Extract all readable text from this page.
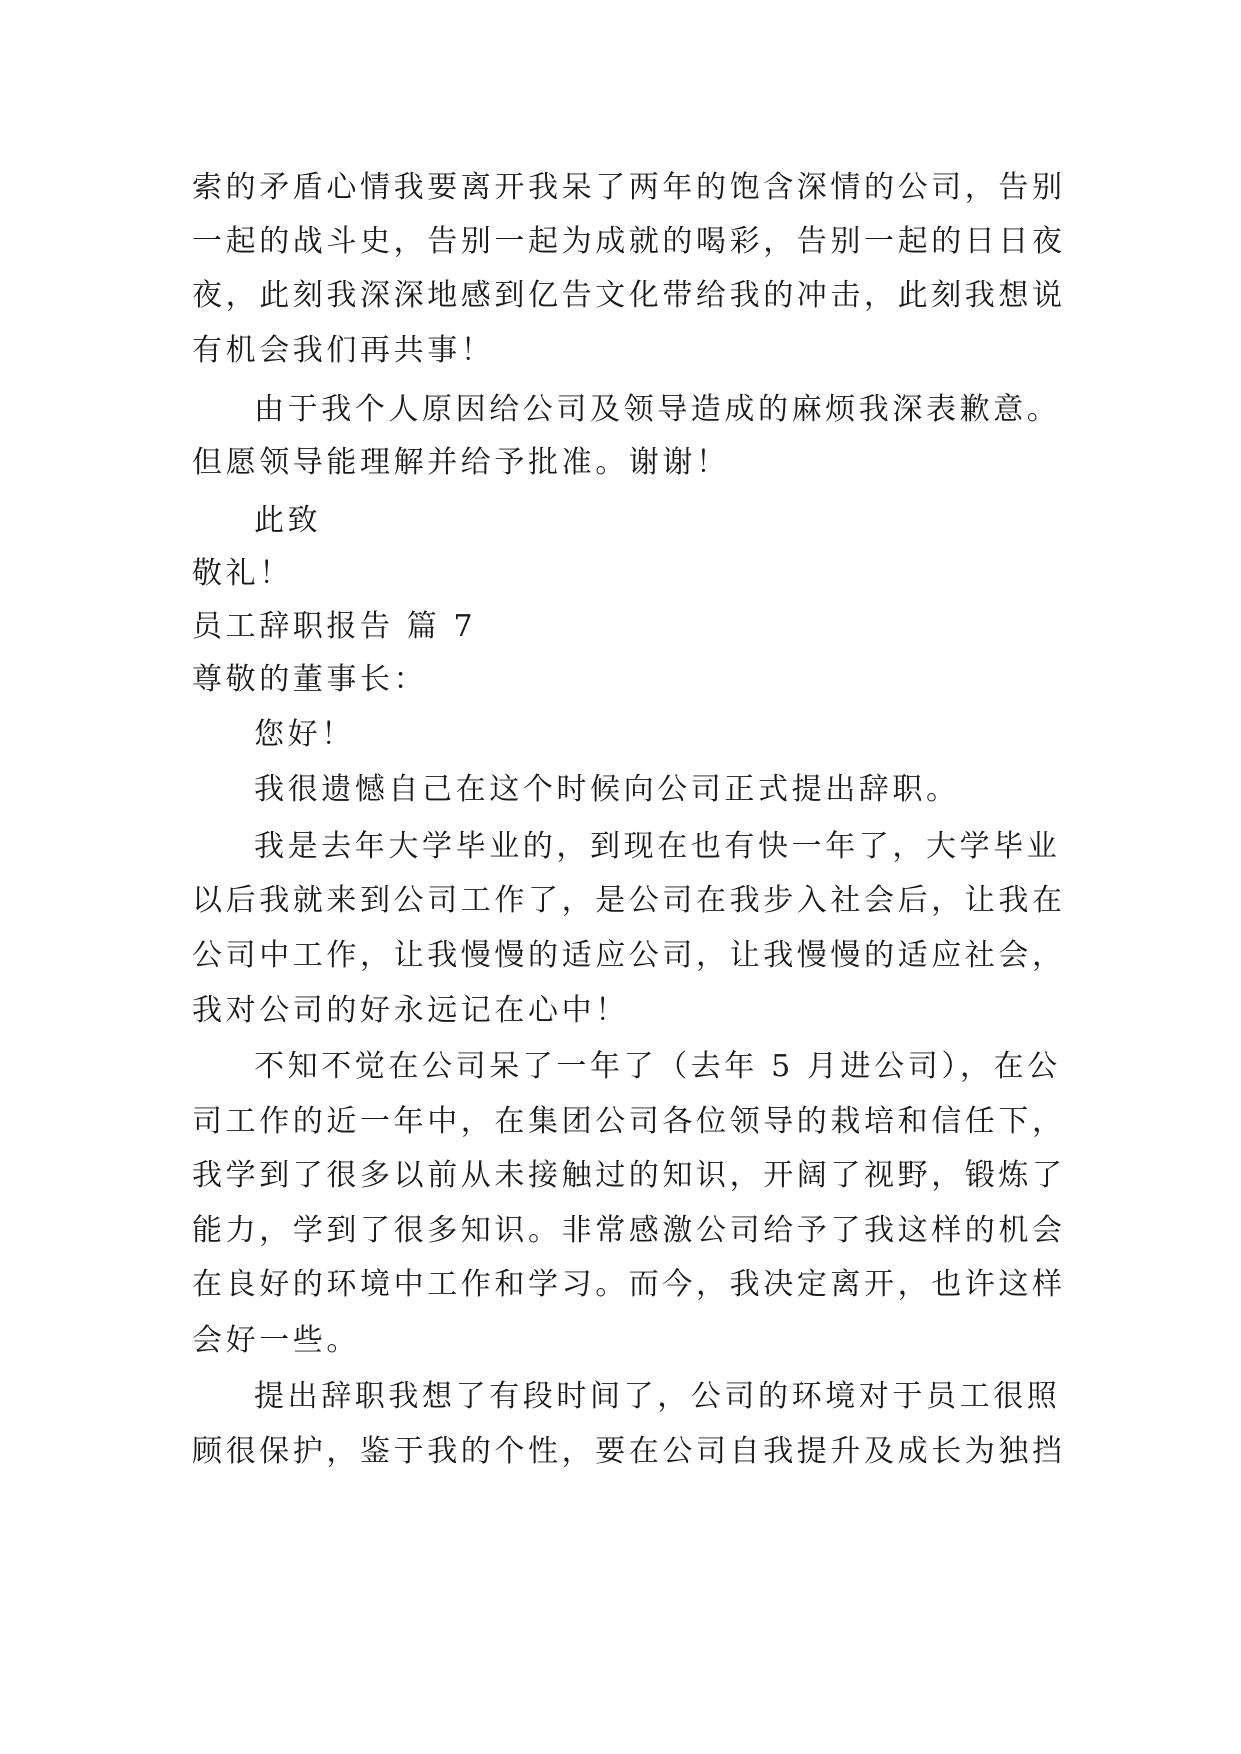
索的矛盾心情我要离开我呆了两年的饱含深情的公司，告别
一起的战斗史，告别一起为成就的喝彩，告别一起的日日夜
夜，此刻我深深地感到亿告文化带给我的冲击，此刻我想说
有机会我们再共事！
由于我个人原因给公司及领导造成的麻烦我深表歉意。
但愿领导能理解并给予批准。谢谢！
此致
敬礼！
员工辞职报告 篇 7
尊敬的董事长：
您好！
我很遗憾自己在这个时候向公司正式提出辞职。
我是去年大学毕业的，到现在也有快一年了，大学毕业
以后我就来到公司工作了，是公司在我步入社会后，让我在
公司中工作，让我慢慢的适应公司，让我慢慢的适应社会，
我对公司的好永远记在心中！
不知不觉在公司呆了一年了（去年 5 月进公司），在公
司工作的近一年中，在集团公司各位领导的栽培和信任下，
我学到了很多以前从未接触过的知识，开阔了视野，锻炼了
能力，学到了很多知识。非常感激公司给予了我这样的机会
在良好的环境中工作和学习。而今，我决定离开，也许这样
会好一些。
提出辞职我想了有段时间了，公司的环境对于员工很照
顾很保护，鉴于我的个性，要在公司自我提升及成长为独挡
